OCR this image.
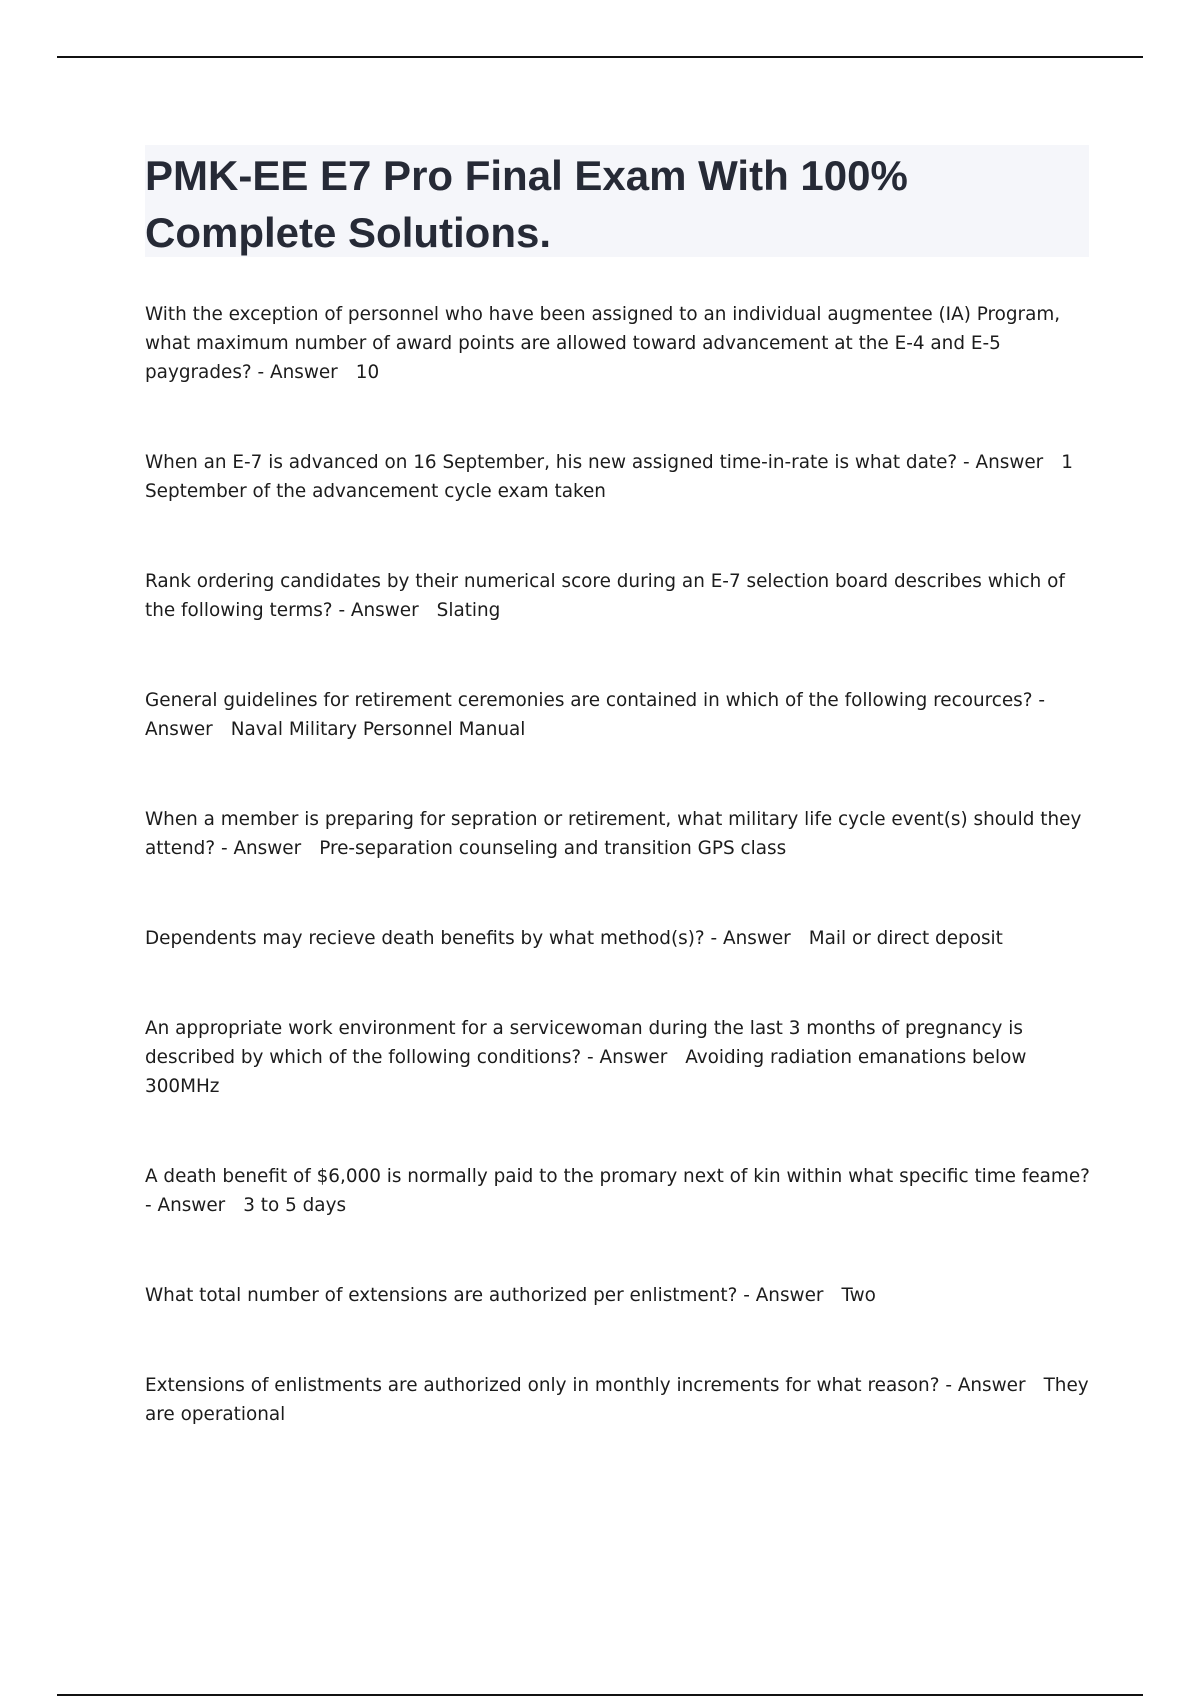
PMK-EE E7 Pro Final Exam With 100% Complete Solutions.
With the exception of personnel who have been assigned to an individual augmentee (IA) Program, what maximum number of award points are allowed toward advancement at the E-4 and E-5 paygrades? - Answer 10
When an E-7 is advanced on 16 September, his new assigned time-in-rate is what date? - Answer 1 September of the advancement cycle exam taken
Rank ordering candidates by their numerical score during an E-7 selection board describes which of the following terms? - Answer Slating
General guidelines for retirement ceremonies are contained in which of the following recources? - Answer Naval Military Personnel Manual
When a member is preparing for sepration or retirement, what military life cycle event(s) should they attend? - Answer Pre-separation counseling and transition GPS class
Dependents may recieve death benefits by what method(s)? - Answer Mail or direct deposit
An appropriate work environment for a servicewoman during the last 3 months of pregnancy is described by which of the following conditions? - Answer Avoiding radiation emanations below 300MHz
A death benefit of $6,000 is normally paid to the promary next of kin within what specific time feame? - Answer 3 to 5 days
What total number of extensions are authorized per enlistment? - Answer Two
Extensions of enlistments are authorized only in monthly increments for what reason? - Answer They are operational
